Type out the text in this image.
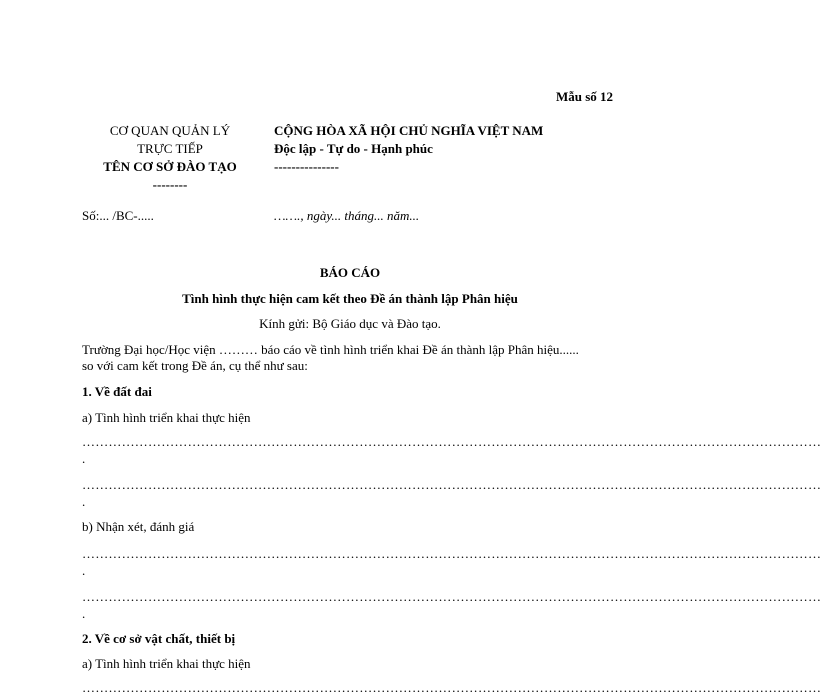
Mẫu số 12
CƠ QUAN QUẢN LÝ
TRỰC TIẾP
TÊN CƠ SỞ ĐÀO TẠO
--------
CỘNG HÒA XÃ HỘI CHỦ NGHĨA VIỆT NAM
Độc lập - Tự do - Hạnh phúc
---------------
Số:... /BC-.....	……., ngày... tháng... năm...
BÁO CÁO
Tình hình thực hiện cam kết theo Đề án thành lập Phân hiệu
Kính gửi: Bộ Giáo dục và Đào tạo.
Trường Đại học/Học viện ……… báo cáo về tình hình triển khai Đề án thành lập Phân hiệu......
so với cam kết trong Đề án, cụ thể như sau:
1. Về đất đai
a) Tình hình triển khai thực hiện
……………………………………………………………………………………………………………………………………………………
.
……………………………………………………………………………………………………………………………………………………
.
b) Nhận xét, đánh giá
……………………………………………………………………………………………………………………………………………………
.
……………………………………………………………………………………………………………………………………………………
.
2. Về cơ sở vật chất, thiết bị
a) Tình hình triển khai thực hiện
……………………………………………………………………………………………………………………………………………………
